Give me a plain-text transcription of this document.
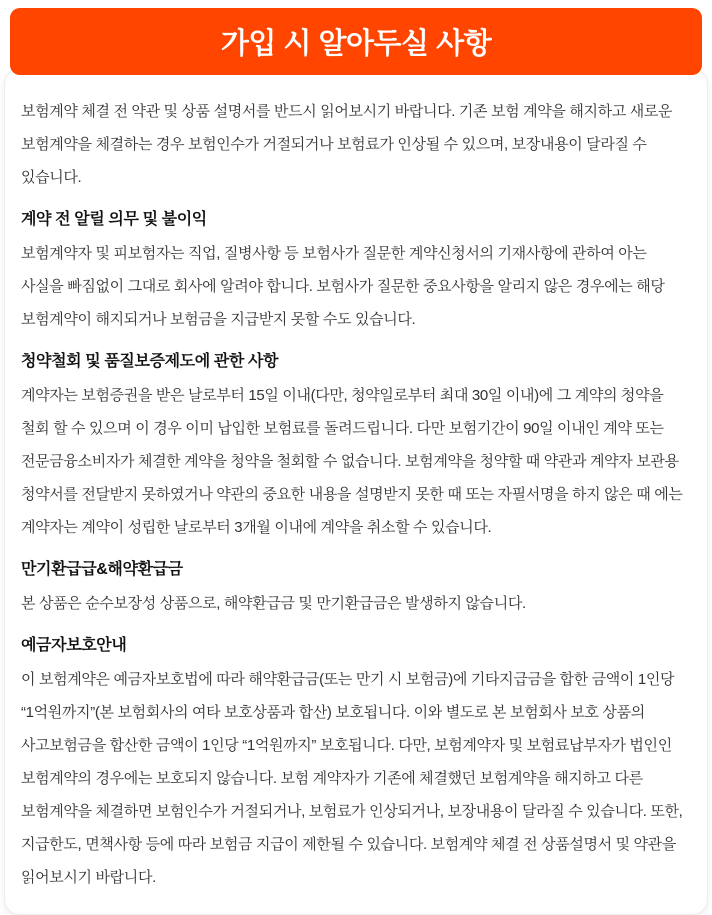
가입 시 알아두실 사항

보험계약 체결 전 약관 및 상품 설명서를 반드시 읽어보시기 바랍니다. 기존 보험 계약을 해지하고 새로운 보험계약을 체결하는 경우 보험인수가 거절되거나 보험료가 인상될 수 있으며, 보장내용이 달라질 수 있습니다.

계약 전 알릴 의무 및 불이익

보험계약자 및 피보험자는 직업, 질병사항 등 보험사가 질문한 계약신청서의 기재사항에 관하여 아는 사실을 빠짐없이 그대로 회사에 알려야 합니다. 보험사가 질문한 중요사항을 알리지 않은 경우에는 해당 보험계약이 해지되거나 보험금을 지급받지 못할 수도 있습니다.

청약철회 및 품질보증제도에 관한 사항

계약자는 보험증권을 받은 날로부터 15일 이내(다만, 청약일로부터 최대 30일 이내)에 그 계약의 청약을 철회 할 수 있으며 이 경우 이미 납입한 보험료를 돌려드립니다. 다만 보험기간이 90일 이내인 계약 또는 전문금융소비자가 체결한 계약을 청약을 철회할 수 없습니다. 보험계약을 청약할 때 약관과 계약자 보관용 청약서를 전달받지 못하였거나 약관의 중요한 내용을 설명받지 못한 때 또는 자필서명을 하지 않은 때 에는 계약자는 계약이 성립한 날로부터 3개월 이내에 계약을 취소할 수 있습니다.

만기환급급&해약환급금

본 상품은 순수보장성 상품으로, 해약환급금 및 만기환급금은 발생하지 않습니다.

예금자보호안내

이 보험계약은 예금자보호법에 따라 해약환급금(또는 만기 시 보험금)에 기타지급금을 합한 금액이 1인당 “1억원까지”(본 보험회사의 여타 보호상품과 합산) 보호됩니다. 이와 별도로 본 보험회사 보호 상품의 사고보험금을 합산한 금액이 1인당 “1억원까지” 보호됩니다. 다만, 보험계약자 및 보험료납부자가 법인인 보험계약의 경우에는 보호되지 않습니다. 보험 계약자가 기존에 체결했던 보험계약을 해지하고 다른 보험계약을 체결하면 보험인수가 거절되거나, 보험료가 인상되거나, 보장내용이 달라질 수 있습니다. 또한, 지급한도, 면책사항 등에 따라 보험금 지급이 제한될 수 있습니다. 보험계약 체결 전 상품설명서 및 약관을 읽어보시기 바랍니다.
